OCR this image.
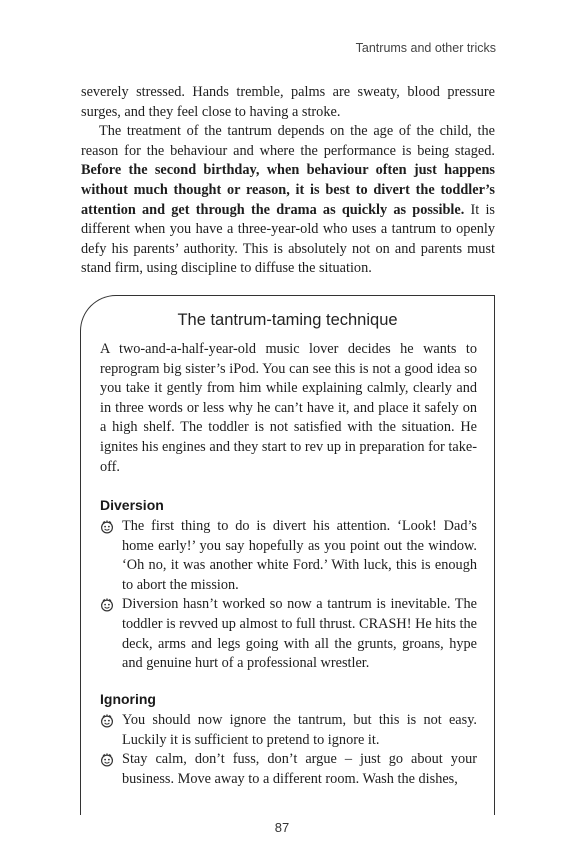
Tantrums and other tricks

severely stressed. Hands tremble, palms are sweaty, blood pressure surges, and they feel close to having a stroke.

The treatment of the tantrum depends on the age of the child, the reason for the behaviour and where the performance is being staged. Before the second birthday, when behaviour often just happens without much thought or reason, it is best to divert the toddler’s attention and get through the drama as quickly as possible. It is different when you have a three-year-old who uses a tantrum to openly defy his parents’ authority. This is absolutely not on and parents must stand firm, using discipline to diffuse the situation.

The tantrum-taming technique

A two-and-a-half-year-old music lover decides he wants to reprogram big sister’s iPod. You can see this is not a good idea so you take it gently from him while explaining calmly, clearly and in three words or less why he can’t have it, and place it safely on a high shelf. The toddler is not satisfied with the situation. He ignites his engines and they start to rev up in preparation for take-off.

Diversion
The first thing to do is divert his attention. ‘Look! Dad’s home early!’ you say hopefully as you point out the window. ‘Oh no, it was another white Ford.’ With luck, this is enough to abort the mission.
Diversion hasn’t worked so now a tantrum is inevitable. The toddler is revved up almost to full thrust. CRASH! He hits the deck, arms and legs going with all the grunts, groans, hype and genuine hurt of a professional wrestler.
Ignoring
You should now ignore the tantrum, but this is not easy. Luckily it is sufficient to pretend to ignore it.
Stay calm, don’t fuss, don’t argue – just go about your business. Move away to a different room. Wash the dishes,
87
